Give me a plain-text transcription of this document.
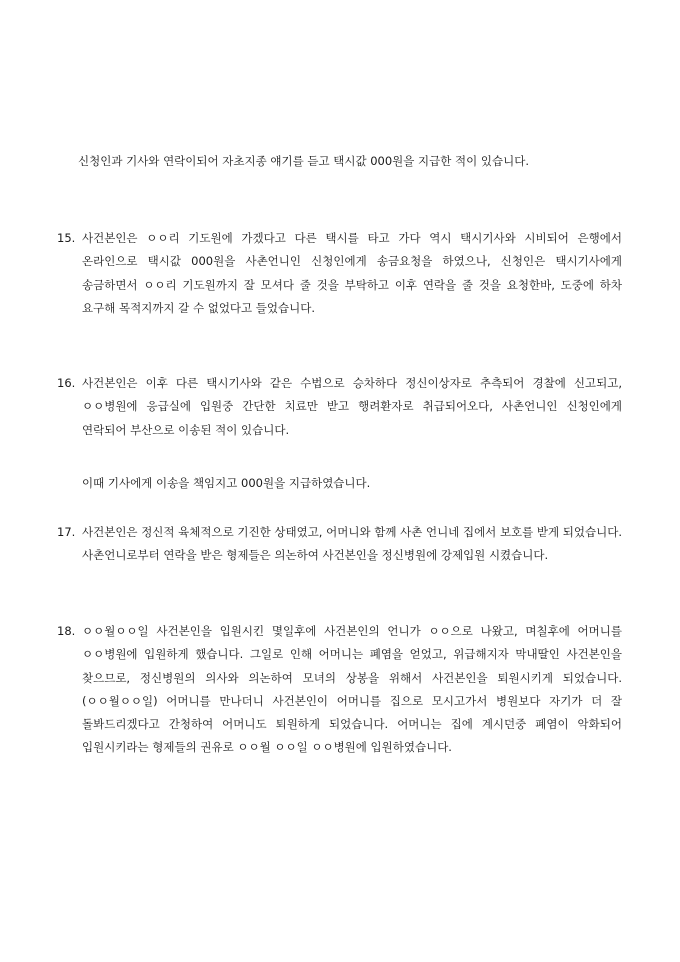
신청인과 기사와 연락이되어 자초지종 얘기를 듣고 택시값 000원을 지급한 적이 있습니다.
15. 사건본인은 ㅇㅇ리 기도원에 가겠다고 다른 택시를 타고 가다 역시 택시기사와 시비되어 은행에서 온라인으로 택시값 000원을 사촌언니인 신청인에게 송금요청을 하였으나, 신청인은 택시기사에게 송금하면서 ㅇㅇ리 기도원까지 잘 모셔다 줄 것을 부탁하고 이후 연락을 줄 것을 요청한바, 도중에 하차 요구해 목적지까지 갈 수 없었다고 들었습니다.
16. 사건본인은 이후 다른 택시기사와 같은 수법으로 승차하다 정신이상자로 추측되어 경찰에 신고되고, ㅇㅇ병원에 응급실에 입원중 간단한 치료만 받고 행려환자로 취급되어오다, 사촌언니인 신청인에게 연락되어 부산으로 이송된 적이 있습니다.
이때 기사에게 이송을 책임지고 000원을 지급하였습니다.
17. 사건본인은 정신적 육체적으로 기진한 상태였고, 어머니와 함께 사촌 언니네 집에서 보호를 받게 되었습니다. 사촌언니로부터 연락을 받은 형제들은 의논하여 사건본인을 정신병원에 강제입원 시켰습니다.
18. ㅇㅇ월ㅇㅇ일 사건본인을 입원시킨 몇일후에 사건본인의 언니가 ㅇㅇ으로 나왔고, 며칠후에 어머니를 ㅇㅇ병원에 입원하게 했습니다. 그일로 인해 어머니는 폐염을 얻었고, 위급해지자 막내딸인 사건본인을 찾으므로, 정신병원의 의사와 의논하여 모녀의 상봉을 위해서 사건본인을 퇴원시키게 되었습니다. (ㅇㅇ월ㅇㅇ일) 어머니를 만나더니 사건본인이 어머니를 집으로 모시고가서 병원보다 자기가 더 잘 돌봐드리겠다고 간청하여 어머니도 퇴원하게 되었습니다. 어머니는 집에 계시던중 폐염이 악화되어 입원시키라는 형제들의 권유로 ㅇㅇ월 ㅇㅇ일 ㅇㅇ병원에 입원하였습니다.
